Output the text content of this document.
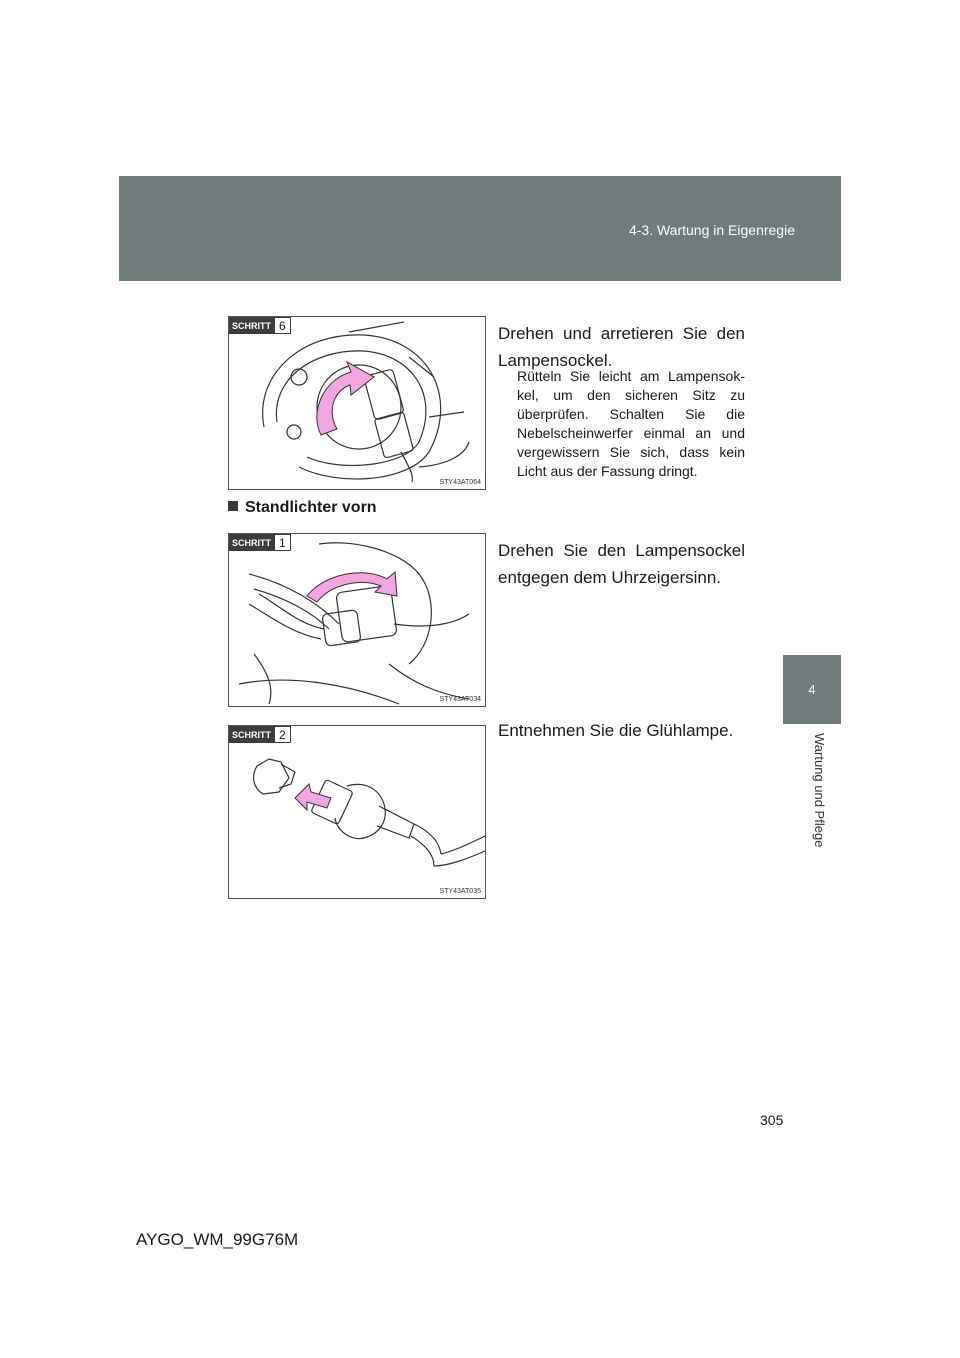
4-3. Wartung in Eigenregie
4
Wartung und Pflege
SCHRITT 6
STY43AT064
Drehen und arretieren Sie den Lampensockel.
Rütteln Sie leicht am Lampensok-kel, um den sicheren Sitz zu überprüfen. Schalten Sie die Nebelscheinwerfer einmal an und vergewissern Sie sich, dass kein Licht aus der Fassung dringt.
Standlichter vorn
SCHRITT 1
STY43AT034
Drehen Sie den Lampensockel entgegen dem Uhrzeigersinn.
SCHRITT 2
STY43AT035
Entnehmen Sie die Glühlampe.
305
AYGO_WM_99G76M
